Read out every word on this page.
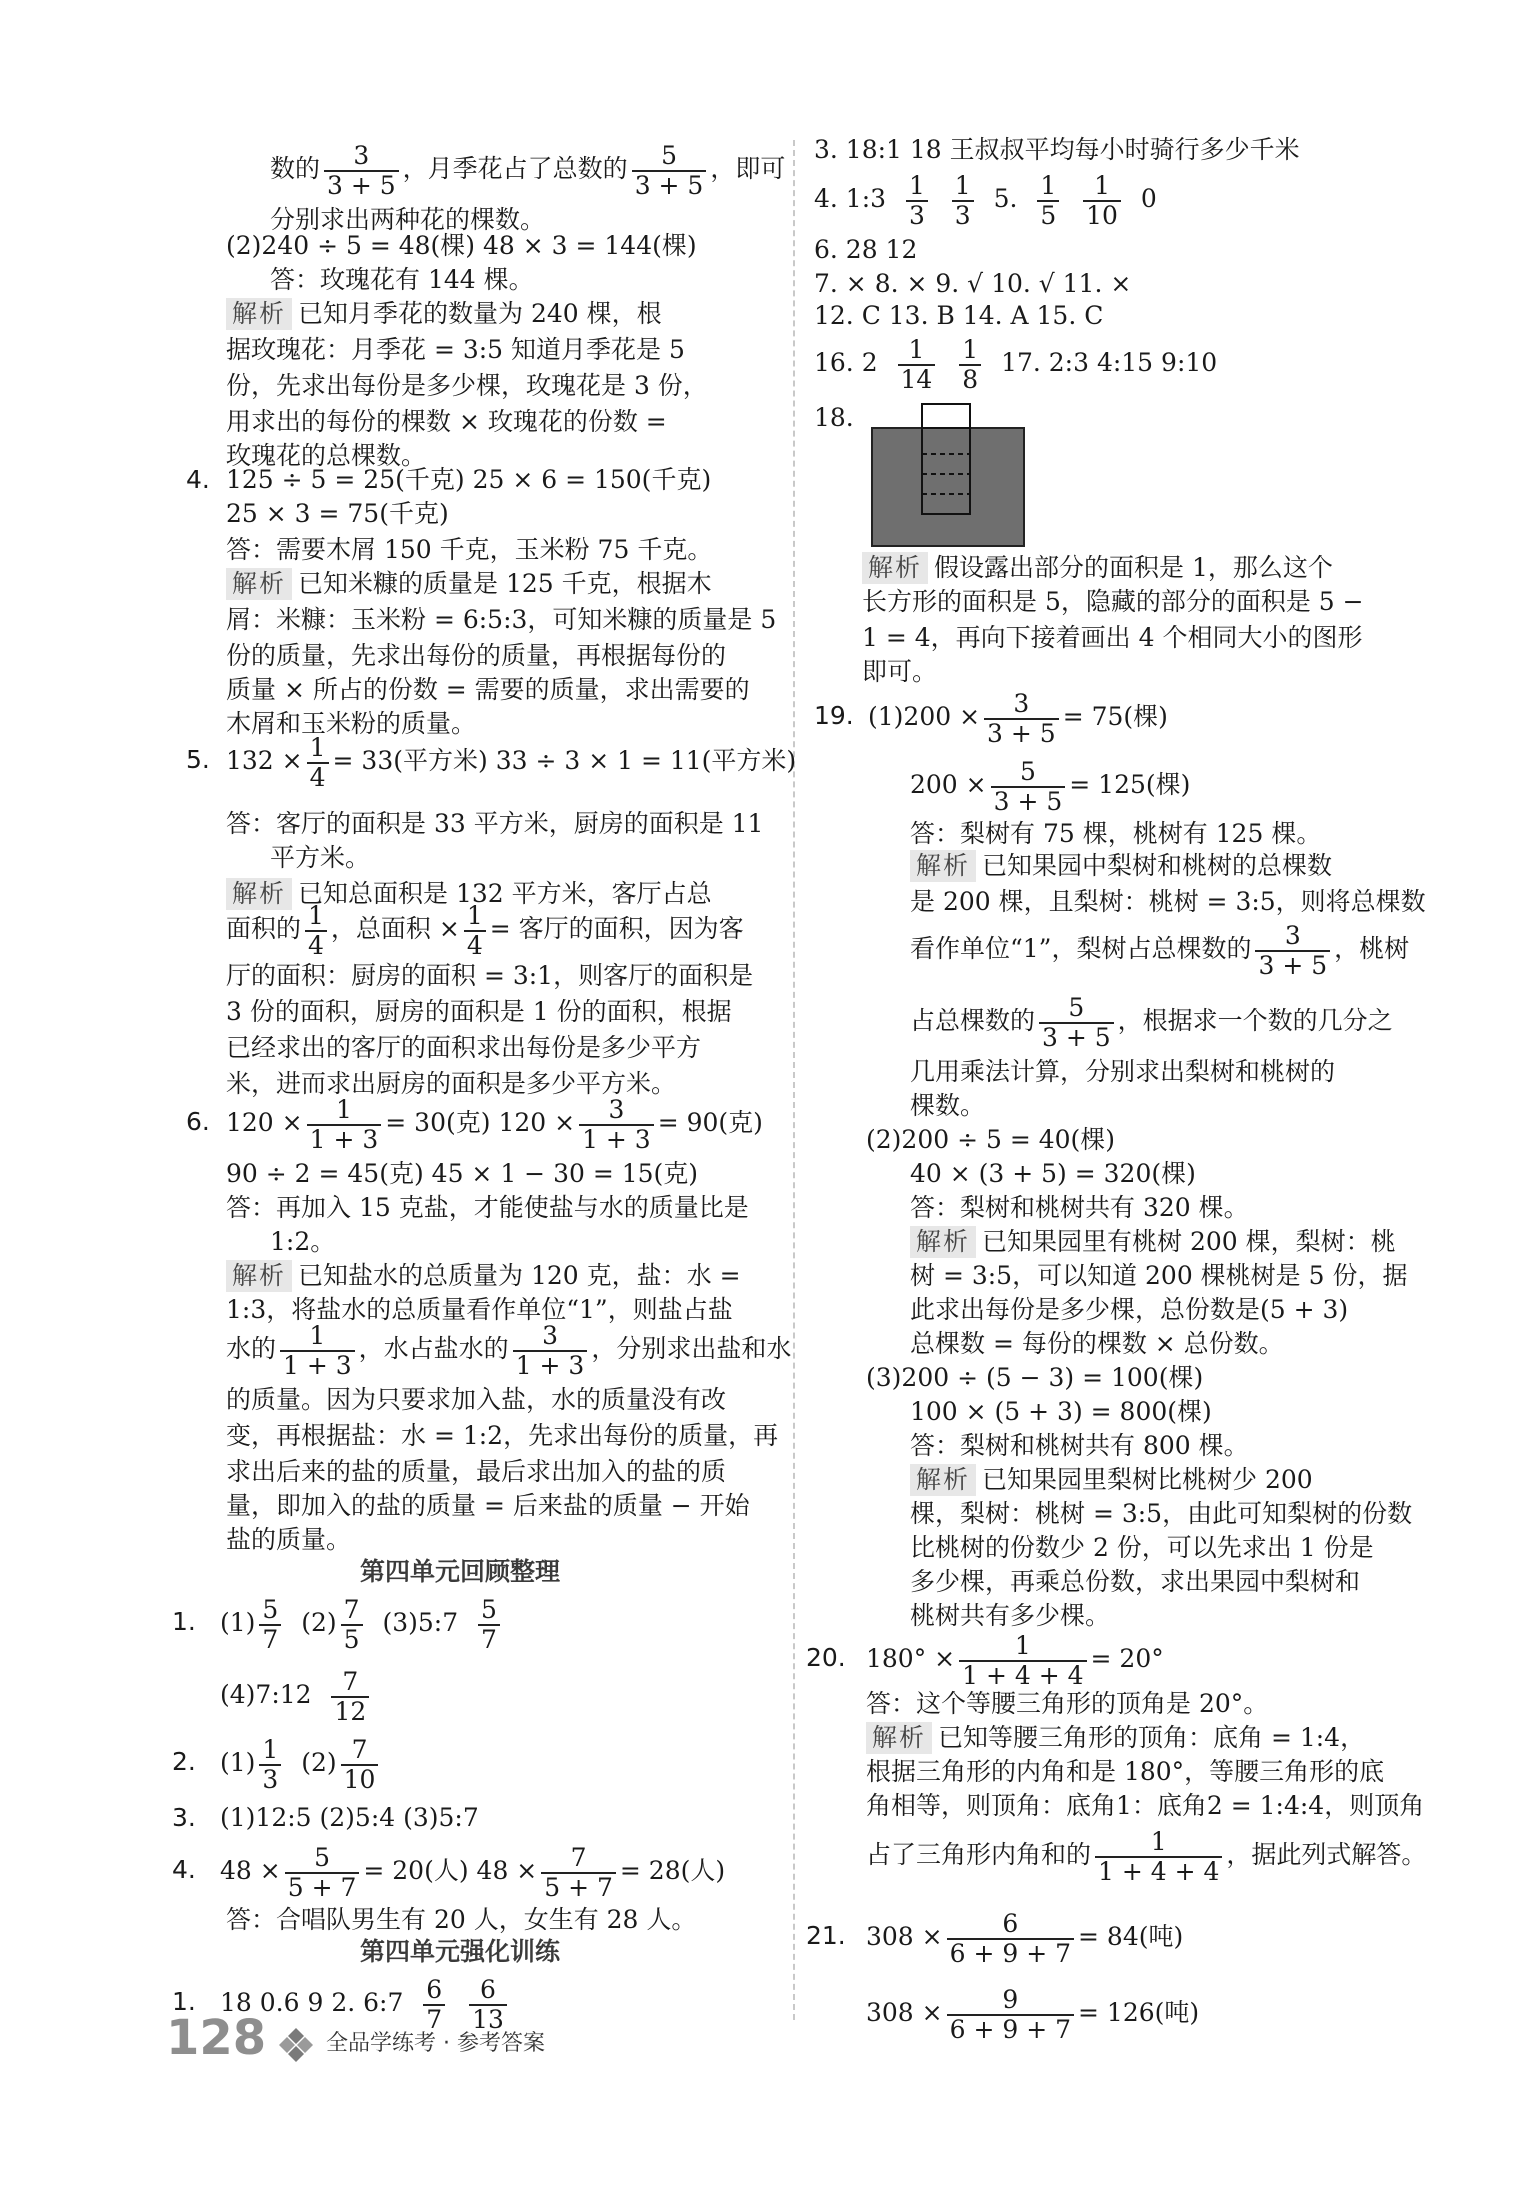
数的 $\frac{3}{3 + 5}$ ，月季花占了总数的 $\frac{5}{3 + 5}$ ，即可
分别求出两种花的棵数。
(2)240 ÷ 5 = 48(棵) 48 × 3 = 144(棵)
答：玫瑰花有 144 棵。
解析 已知月季花的数量为 240 棵，根
据玫瑰花：月季花 = 3:5 知道月季花是 5
份，先求出每份是多少棵，玫瑰花是 3 份，
用求出的每份的棵数 × 玫瑰花的份数 =
玫瑰花的总棵数。
4. 125 ÷ 5 = 25(千克) 25 × 6 = 150(千克)
25 × 3 = 75(千克)
答：需要木屑 150 千克，玉米粉 75 千克。
解析 已知米糠的质量是 125 千克，根据木
屑：米糠：玉米粉 = 6:5:3，可知米糠的质量是 5
份的质量，先求出每份的质量，再根据每份的
质量 × 所占的份数 = 需要的质量，求出需要的
木屑和玉米粉的质量。
5. $132 \times \frac{1}{4} = 33$(平方米) 33 ÷ 3 × 1 = 11(平方米)
答：客厅的面积是 33 平方米，厨房的面积是 11
平方米。
解析 已知总面积是 132 平方米，客厅占总
面积的 $\frac{1}{4}$ ，总面积 × $\frac{1}{4}$ = 客厅的面积，因为客
厅的面积：厨房的面积 = 3:1，则客厅的面积是
3 份的面积，厨房的面积是 1 份的面积，根据
已经求出的客厅的面积求出每份是多少平方
米，进而求出厨房的面积是多少平方米。
6. $120 \times \frac{1}{1 + 3} = 30$(克) $120 \times \frac{3}{1 + 3} = 90$(克)
90 ÷ 2 = 45(克) 45 × 1 − 30 = 15(克)
答：再加入 15 克盐，才能使盐与水的质量比是
1:2。
解析 已知盐水的总质量为 120 克，盐：水 =
1:3，将盐水的总质量看作单位“1”，则盐占盐
水的 $\frac{1}{1 + 3}$ ，水占盐水的 $\frac{3}{1 + 3}$ ，分别求出盐和水
的质量。因为只要求加入盐，水的质量没有改
变，再根据盐：水 = 1:2，先求出每份的质量，再
求出后来的盐的质量，最后求出加入的盐的质
量，即加入的盐的质量 = 后来盐的质量 − 开始
盐的质量。
第四单元回顾整理
1. $(1) \frac{5}{7} (2) \frac{7}{5}$ (3)5:7 $\frac{5}{7}$
(4)7:12 $\frac{7}{12}$
2. $(1) \frac{1}{3} (2) \frac{7}{10}$
3. (1)12:5 (2)5:4 (3)5:7
4. $48 \times \frac{5}{5 + 7} = 20$(人) $48 \times \frac{7}{5 + 7} = 28$(人)
答：合唱队男生有 20 人，女生有 28 人。
第四单元强化训练
1. 18 0.6 9 2. 6:7 $\frac{6}{7}$
$\frac{6}{13}$
3. 18:1 18 王叔叔平均每小时骑行多少千米
4. 1:3 $\frac{1}{3}$
$\frac{1}{3} 5$. $\frac{1}{5}$
$\frac{1}{10} 0$
6. 28 12
7. × 8. × 9. √ 10. √ 11. ×
12. C 13. B 14. A 15. C
16. $2 \frac{1}{14}$
$\frac{1}{8} 17$. 2:3 4:15 9:10
18.
解析 假设露出部分的面积是 1，那么这个
长方形的面积是 5，隐藏的部分的面积是 5 −
1 = 4，再向下接着画出 4 个相同大小的图形
即可。
19. $(1)200 \times \frac{3}{3 + 5} = 75$(棵)
$200 \times \frac{5}{3 + 5} = 125$(棵)
答：梨树有 75 棵，桃树有 125 棵。
解析 已知果园中梨树和桃树的总棵数
是 200 棵，且梨树：桃树 = 3:5，则将总棵数
看作单位“1”，梨树占总棵数的 $\frac{3}{3 + 5}$ ，桃树
占总棵数的 $\frac{5}{3 + 5}$ ，根据求一个数的几分之
几用乘法计算，分别求出梨树和桃树的
棵数。
(2)200 ÷ 5 = 40(棵)
40 × (3 + 5) = 320(棵)
答：梨树和桃树共有 320 棵。
解析 已知果园里有桃树 200 棵，梨树：桃
树 = 3:5，可以知道 200 棵桃树是 5 份，据
此求出每份是多少棵，总份数是(5 + 3)
总棵数 = 每份的棵数 × 总份数。
(3)200 ÷ (5 − 3) = 100(棵)
100 × (5 + 3) = 800(棵)
答：梨树和桃树共有 800 棵。
解析 已知果园里梨树比桃树少 200
棵，梨树：桃树 = 3:5，由此可知梨树的份数
比桃树的份数少 2 份，可以先求出 1 份是
多少棵，再乘总份数，求出果园中梨树和
桃树共有多少棵。
20. $180^\circ \times \frac{1}{1 + 4 + 4} = 20^\circ$
答：这个等腰三角形的顶角是 20°。
解析 已知等腰三角形的顶角：底角 = 1:4，
根据三角形的内角和是 180°，等腰三角形的底
角相等，则顶角：底角1：底角2 = 1:4:4，则顶角
占了三角形内角和的 $\frac{1}{1 + 4 + 4}$ ，据此列式解答。
21. $308 \times \frac{6}{6 + 9 + 7} = 84$(吨)
$308 \times \frac{9}{6 + 9 + 7} = 126$(吨)
128	全品学练考 · 参考答案
